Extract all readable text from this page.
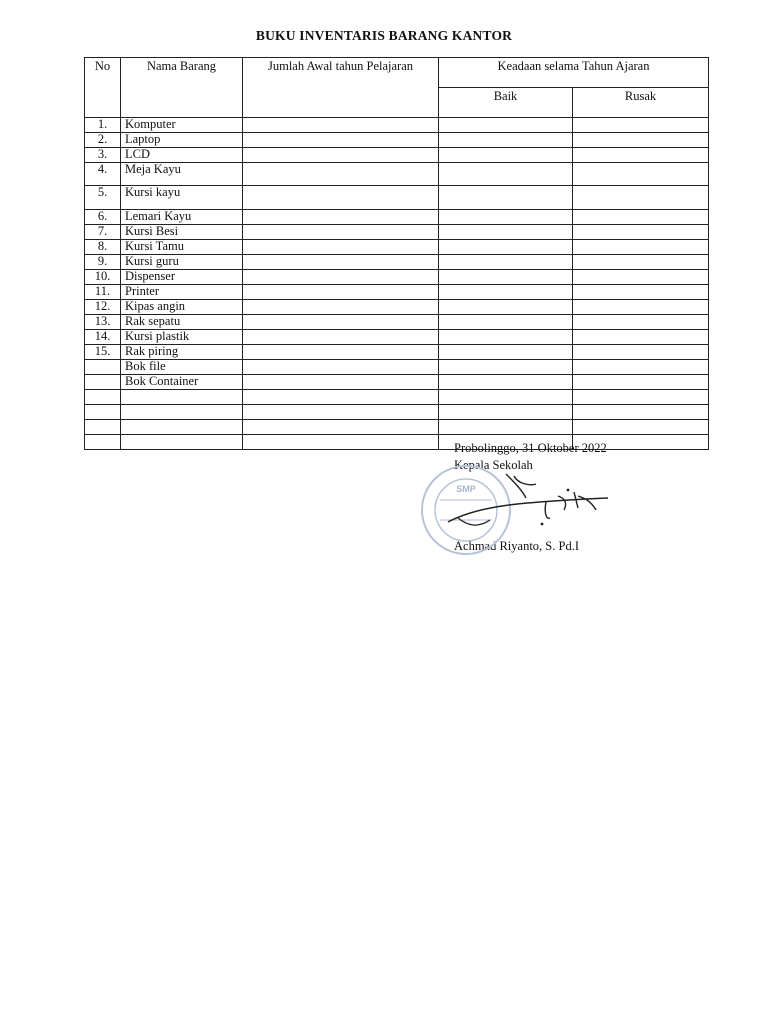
BUKU INVENTARIS BARANG KANTOR
No	Nama Barang	Jumlah Awal tahun Pelajaran	Keadaan selama Tahun Ajaran	
			Baik	Rusak
1.	Komputer			
2.	Laptop			
3.	LCD			
4.	Meja Kayu			
5.	Kursi kayu			
6.	Lemari Kayu			
7.	Kursi Besi			
8.	Kursi Tamu			
9.	Kursi guru			
10.	Dispenser			
11.	Printer			
12.	Kipas angin			
13.	Rak sepatu			
14.	Kursi plastik			
15.	Rak piring			
	Bok file			
	Bok Container			

Probolinggo, 31 Oktober 2022
Kepala Sekolah
Achmad Riyanto, S. Pd.I
SMP
